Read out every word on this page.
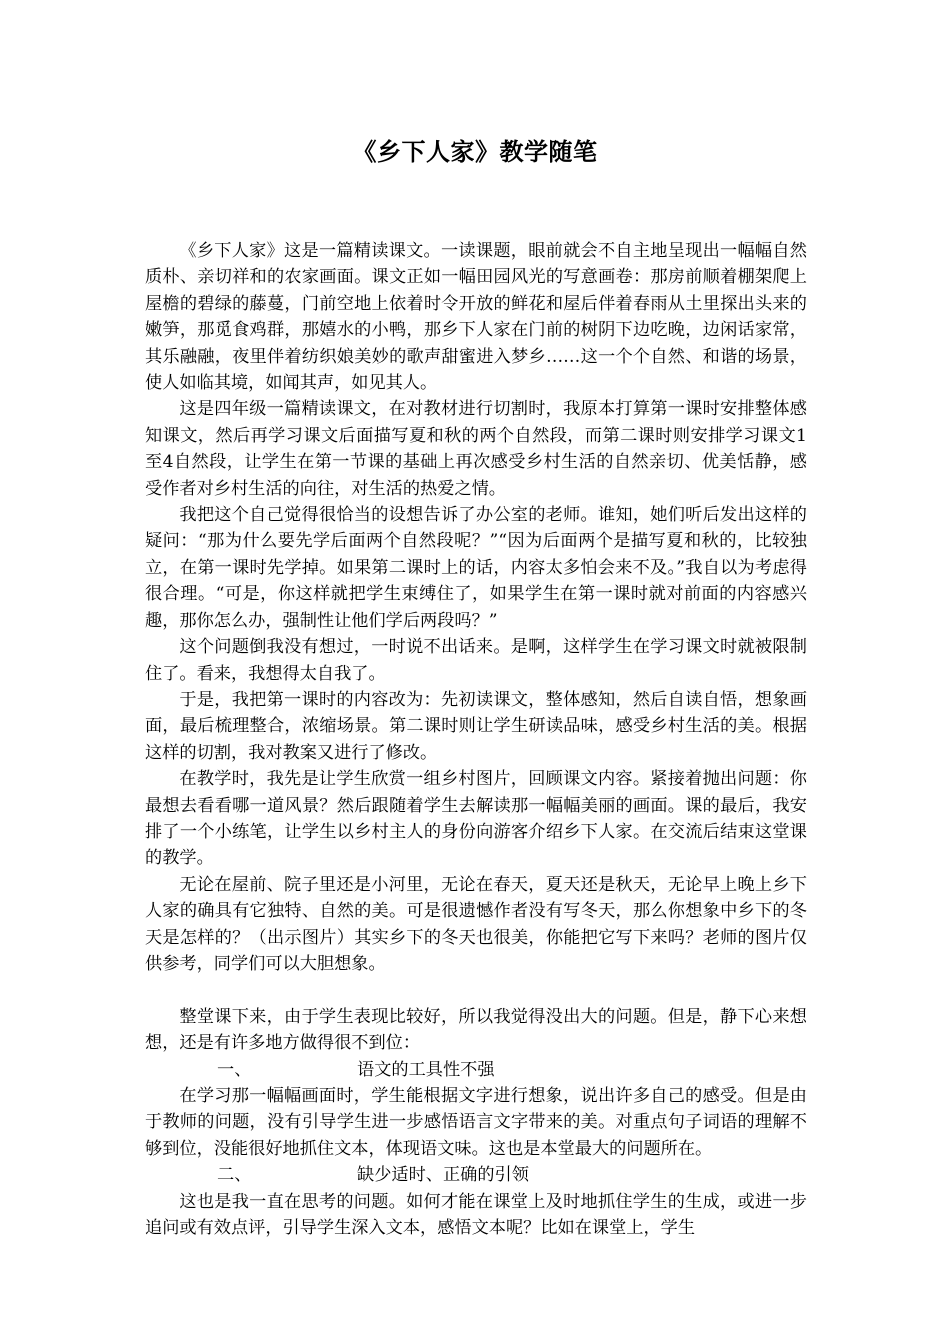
《乡下人家》教学随笔

《乡下人家》这是一篇精读课文。一读课题，眼前就会不自主地呈现出一幅幅自然质朴、亲切祥和的农家画面。课文正如一幅田园风光的写意画卷：那房前顺着棚架爬上屋檐的碧绿的藤蔓，门前空地上依着时令开放的鲜花和屋后伴着春雨从土里探出头来的嫩笋，那觅食鸡群，那嬉水的小鸭，那乡下人家在门前的树阴下边吃晚，边闲话家常，其乐融融，夜里伴着纺织娘美妙的歌声甜蜜进入梦乡……这一个个自然、和谐的场景，使人如临其境，如闻其声，如见其人。

这是四年级一篇精读课文，在对教材进行切割时，我原本打算第一课时安排整体感知课文，然后再学习课文后面描写夏和秋的两个自然段，而第二课时则安排学习课文1至4自然段，让学生在第一节课的基础上再次感受乡村生活的自然亲切、优美恬静，感受作者对乡村生活的向往，对生活的热爱之情。

我把这个自己觉得很恰当的设想告诉了办公室的老师。谁知，她们听后发出这样的疑问：“那为什么要先学后面两个自然段呢？”“因为后面两个是描写夏和秋的，比较独立，在第一课时先学掉。如果第二课时上的话，内容太多怕会来不及。”我自以为考虑得很合理。“可是，你这样就把学生束缚住了，如果学生在第一课时就对前面的内容感兴趣，那你怎么办，强制性让他们学后两段吗？”

这个问题倒我没有想过，一时说不出话来。是啊，这样学生在学习课文时就被限制住了。看来，我想得太自我了。

于是，我把第一课时的内容改为：先初读课文，整体感知，然后自读自悟，想象画面，最后梳理整合，浓缩场景。第二课时则让学生研读品味，感受乡村生活的美。根据这样的切割，我对教案又进行了修改。

在教学时，我先是让学生欣赏一组乡村图片，回顾课文内容。紧接着抛出问题：你最想去看看哪一道风景？然后跟随着学生去解读那一幅幅美丽的画面。课的最后，我安排了一个小练笔，让学生以乡村主人的身份向游客介绍乡下人家。在交流后结束这堂课的教学。

无论在屋前、院子里还是小河里，无论在春天，夏天还是秋天，无论早上晚上乡下人家的确具有它独特、自然的美。可是很遗憾作者没有写冬天，那么你想象中乡下的冬天是怎样的？（出示图片）其实乡下的冬天也很美，你能把它写下来吗？老师的图片仅供参考，同学们可以大胆想象。

整堂课下来，由于学生表现比较好，所以我觉得没出大的问题。但是，静下心来想想，还是有许多地方做得很不到位：

一、	语文的工具性不强

在学习那一幅幅画面时，学生能根据文字进行想象，说出许多自己的感受。但是由于教师的问题，没有引导学生进一步感悟语言文字带来的美。对重点句子词语的理解不够到位，没能很好地抓住文本，体现语文味。这也是本堂最大的问题所在。

二、	缺少适时、正确的引领

这也是我一直在思考的问题。如何才能在课堂上及时地抓住学生的生成，或进一步追问或有效点评，引导学生深入文本，感悟文本呢？比如在课堂上，学生
